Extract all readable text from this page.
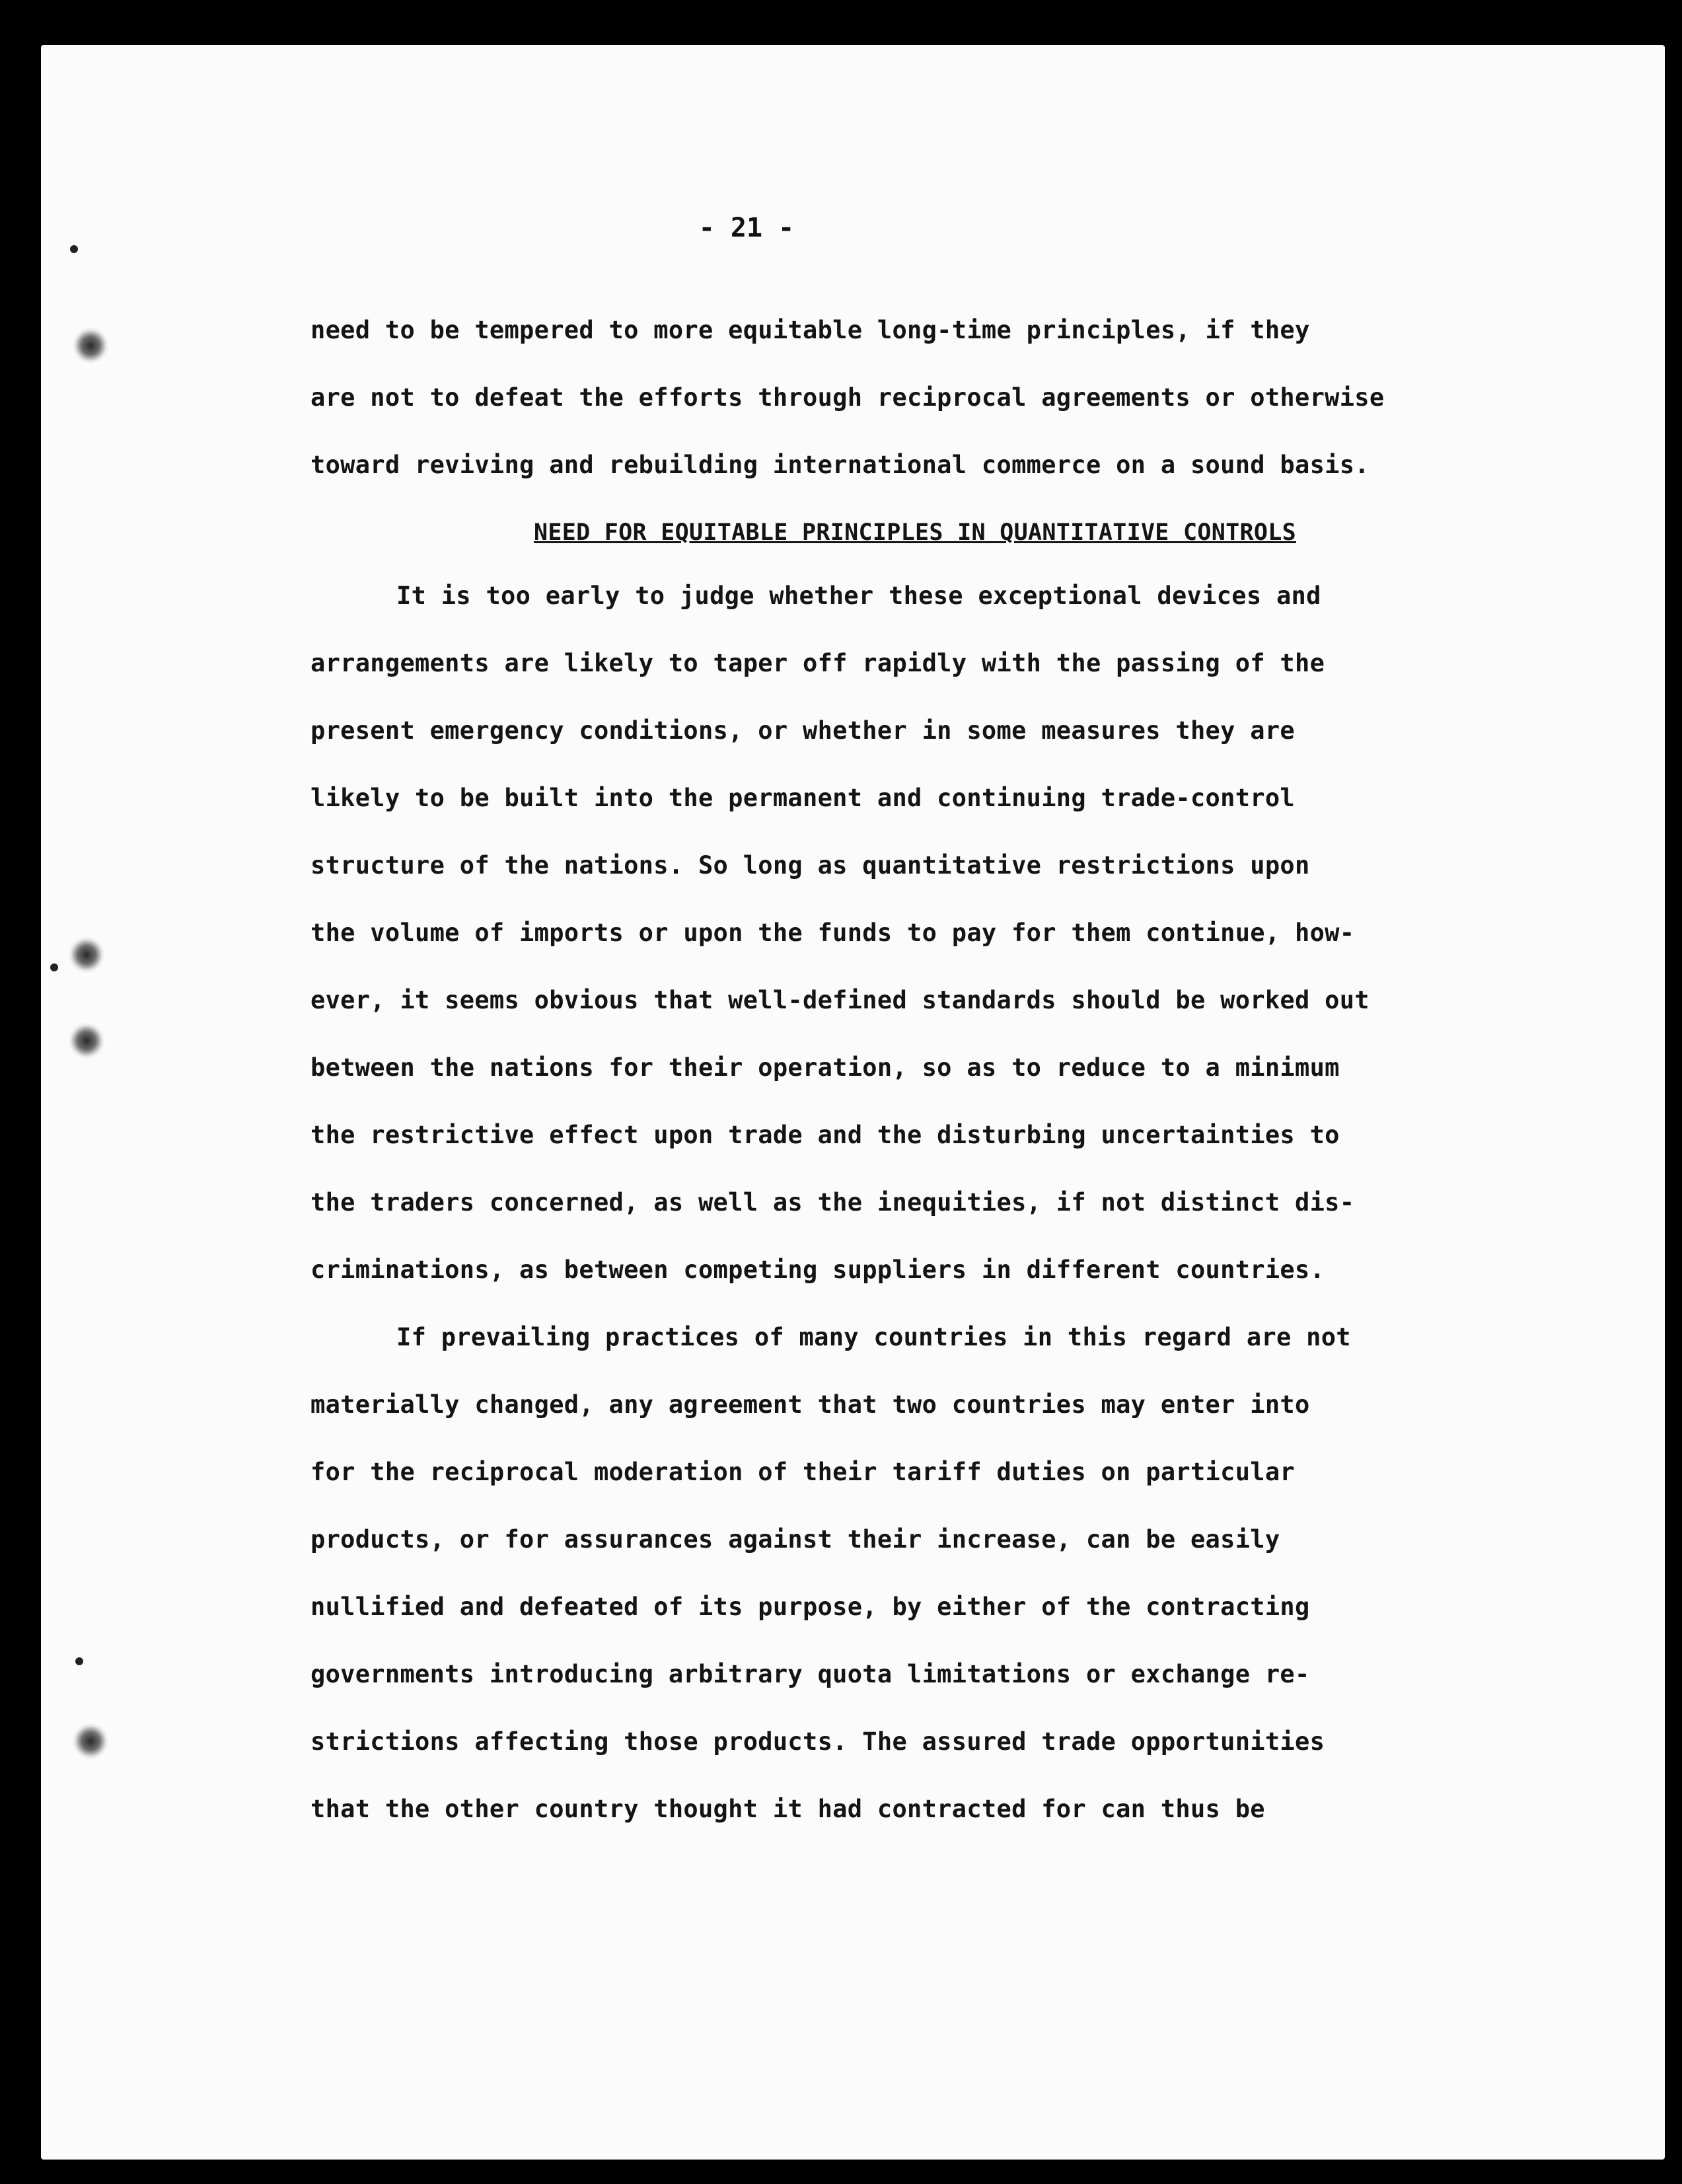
- 21 -
need to be tempered to more equitable long-time principles, if they
are not to defeat the efforts through reciprocal agreements or otherwise
toward reviving and rebuilding international commerce on a sound basis.
NEED FOR EQUITABLE PRINCIPLES IN QUANTITATIVE CONTROLS
It is too early to judge whether these exceptional devices and
arrangements are likely to taper off rapidly with the passing of the
present emergency conditions, or whether in some measures they are
likely to be built into the permanent and continuing trade-control
structure of the nations. So long as quantitative restrictions upon
the volume of imports or upon the funds to pay for them continue, how-
ever, it seems obvious that well-defined standards should be worked out
between the nations for their operation, so as to reduce to a minimum
the restrictive effect upon trade and the disturbing uncertainties to
the traders concerned, as well as the inequities, if not distinct dis-
criminations, as between competing suppliers in different countries.
If prevailing practices of many countries in this regard are not
materially changed, any agreement that two countries may enter into
for the reciprocal moderation of their tariff duties on particular
products, or for assurances against their increase, can be easily
nullified and defeated of its purpose, by either of the contracting
governments introducing arbitrary quota limitations or exchange re-
strictions affecting those products. The assured trade opportunities
that the other country thought it had contracted for can thus be
